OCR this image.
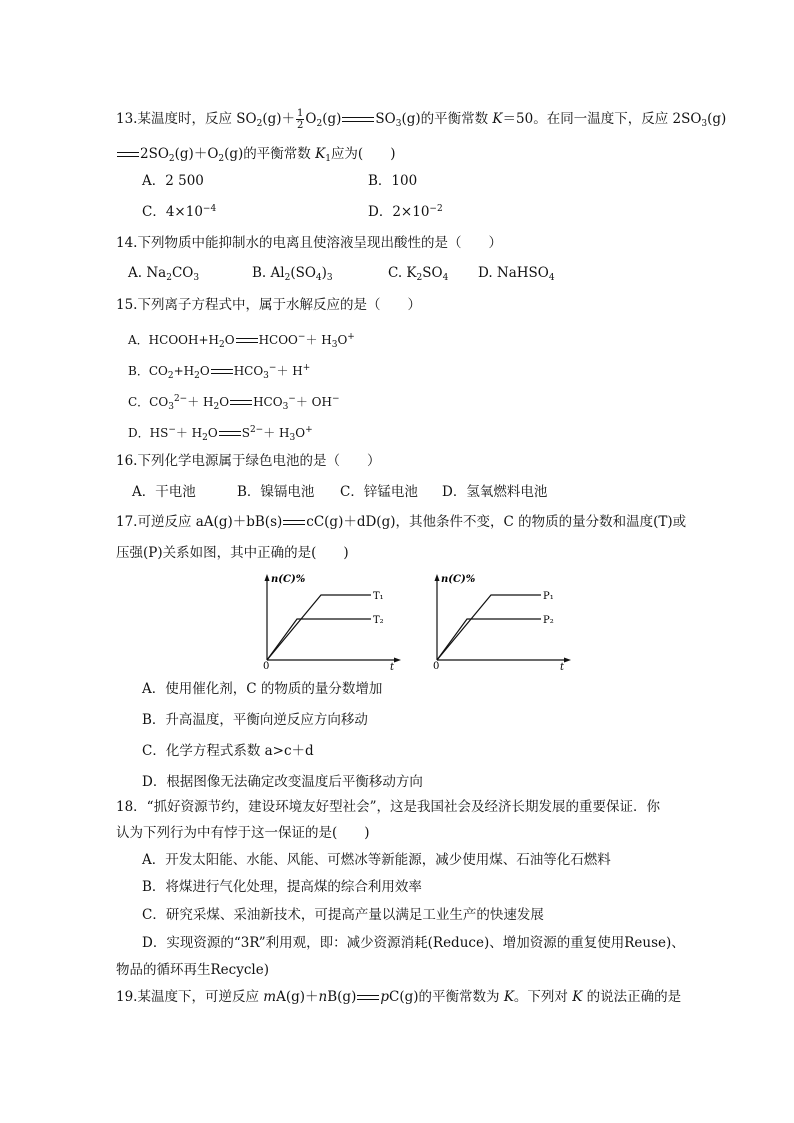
13.某温度时，反应 $SO_2(g)+ \frac{1}{2} O_2(g)$	$SO_3(g)$的平衡常数 K＝50。在同一温度下，反应 $2SO_3(g)$
$2SO_2(g)+O_2(g)$的平衡常数 $K_1$应为(　　)
A．2 500	B．100
C．$4\times 10^{-4}$	D．$2\times 10^{-2}$
14.下列物质中能抑制水的电离且使溶液呈现出酸性的是（　　）
A. $Na_2CO_3$	B. $Al_2(SO_4)_3$	C. $K_2SO_4$ D. NaHSO$_4$
15.下列离子方程式中，属于水解反应的是（　　）
A．$HCOOH+H_2O$ HCOO−＋ $H_3O^+$
B．$CO_2+H_2O$ $HCO_3^-+ H^+$
C．$CO_3^{2-}+ H_2O$ $HCO_3^-+ OH^-$
D．$HS^-+ H_2O$ $S^{2-}+ H_3O^+$
16.下列化学电源属于绿色电池的是（　　）
A．干电池	B．镍镉电池 C．锌锰电池 D．氢氧燃料电池
17.可逆反应 aA(g)＋bB(s) cC(g)＋dD(g)，其他条件不变，C 的物质的量分数和温度(T)或
压强(P)关系如图，其中正确的是(　　)
n(C)%
0	t
T₁
T₂
n(C)%
0	t
P₁
P₂
A．使用催化剂，C 的物质的量分数增加
B．升高温度，平衡向逆反应方向移动
C．化学方程式系数 a>c＋d
D．根据图像无法确定改变温度后平衡移动方向
18．“抓好资源节约，建设环境友好型社会”，这是我国社会及经济长期发展的重要保证．你
认为下列行为中有悖于这一保证的是(　　)
A．开发太阳能、水能、风能、可燃冰等新能源，减少使用煤、石油等化石燃料
B．将煤进行气化处理，提高煤的综合利用效率
C．研究采煤、采油新技术，可提高产量以满足工业生产的快速发展
D．实现资源的“3R”利用观，即：减少资源消耗(Reduce)、增加资源的重复使用Reuse)、
物品的循环再生Recycle)
19.某温度下，可逆反应 mA(g)＋nB(g) pC(g)的平衡常数为 K。下列对 K 的说法正确的是
